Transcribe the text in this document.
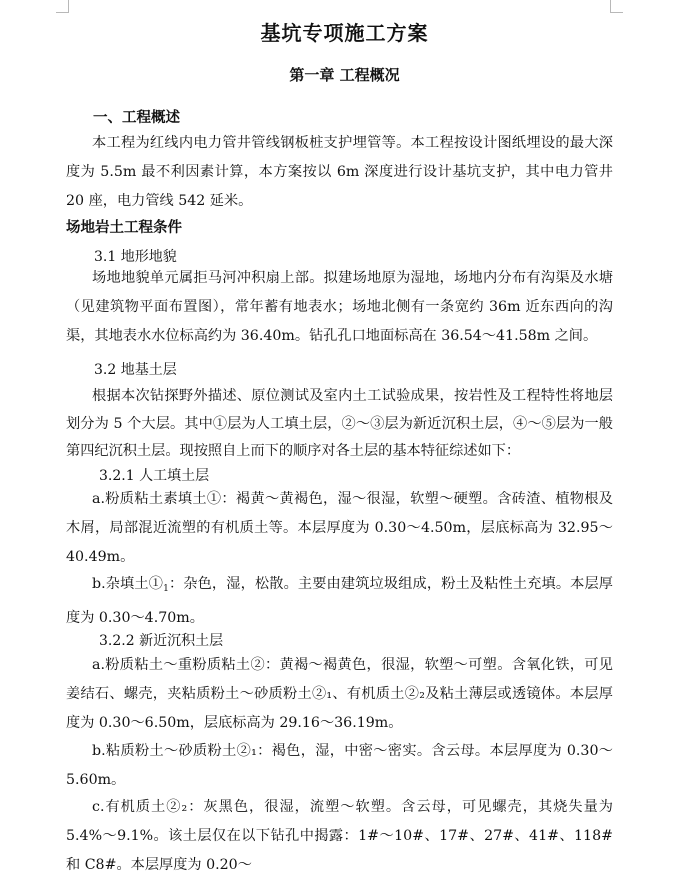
基坑专项施工方案
第一章 工程概况
一、工程概述

本工程为红线内电力管井管线钢板桩支护埋管等。本工程按设计图纸埋设的最大深度为 5.5m 最不利因素计算，本方案按以 6m 深度进行设计基坑支护，其中电力管井 20 座，电力管线 542 延米。

场地岩土工程条件
3.1 地形地貌

场地地貌单元属拒马河冲积扇上部。拟建场地原为湿地，场地内分布有沟渠及水塘（见建筑物平面布置图），常年蓄有地表水；场地北侧有一条宽约 36m 近东西向的沟渠，其地表水水位标高约为 36.40m。钻孔孔口地面标高在 36.54～41.58m 之间。

3.2 地基土层

根据本次钻探野外描述、原位测试及室内土工试验成果，按岩性及工程特性将地层划分为 5 个大层。其中①层为人工填土层，②～③层为新近沉积土层，④～⑤层为一般第四纪沉积土层。现按照自上而下的顺序对各土层的基本特征综述如下：

3.2.1 人工填土层

a.粉质粘土素填土①：褐黄～黄褐色，湿～很湿，软塑～硬塑。含砖渣、植物根及木屑，局部混近流塑的有机质土等。本层厚度为 0.30～4.50m，层底标高为 32.95～40.49m。

b.杂填土$①_1$：杂色，湿，松散。主要由建筑垃圾组成，粉土及粘性土充填。本层厚度为 0.30～4.70m。

3.2.2 新近沉积土层

a.粉质粘土～重粉质粘土②：黄褐～褐黄色，很湿，软塑～可塑。含氧化铁，可见姜结石、螺壳，夹粘质粉土～砂质粉土②₁、有机质土②₂及粘土薄层或透镜体。本层厚度为 0.30～6.50m，层底标高为 29.16～36.19m。

b.粘质粉土～砂质粉土②₁：褐色，湿，中密～密实。含云母。本层厚度为 0.30～5.60m。

c.有机质土②₂：灰黑色，很湿，流塑～软塑。含云母，可见螺壳，其烧失量为 5.4%～9.1%。该土层仅在以下钻孔中揭露：1#～10#、17#、27#、41#、118#和 C8#。本层厚度为 0.20～
